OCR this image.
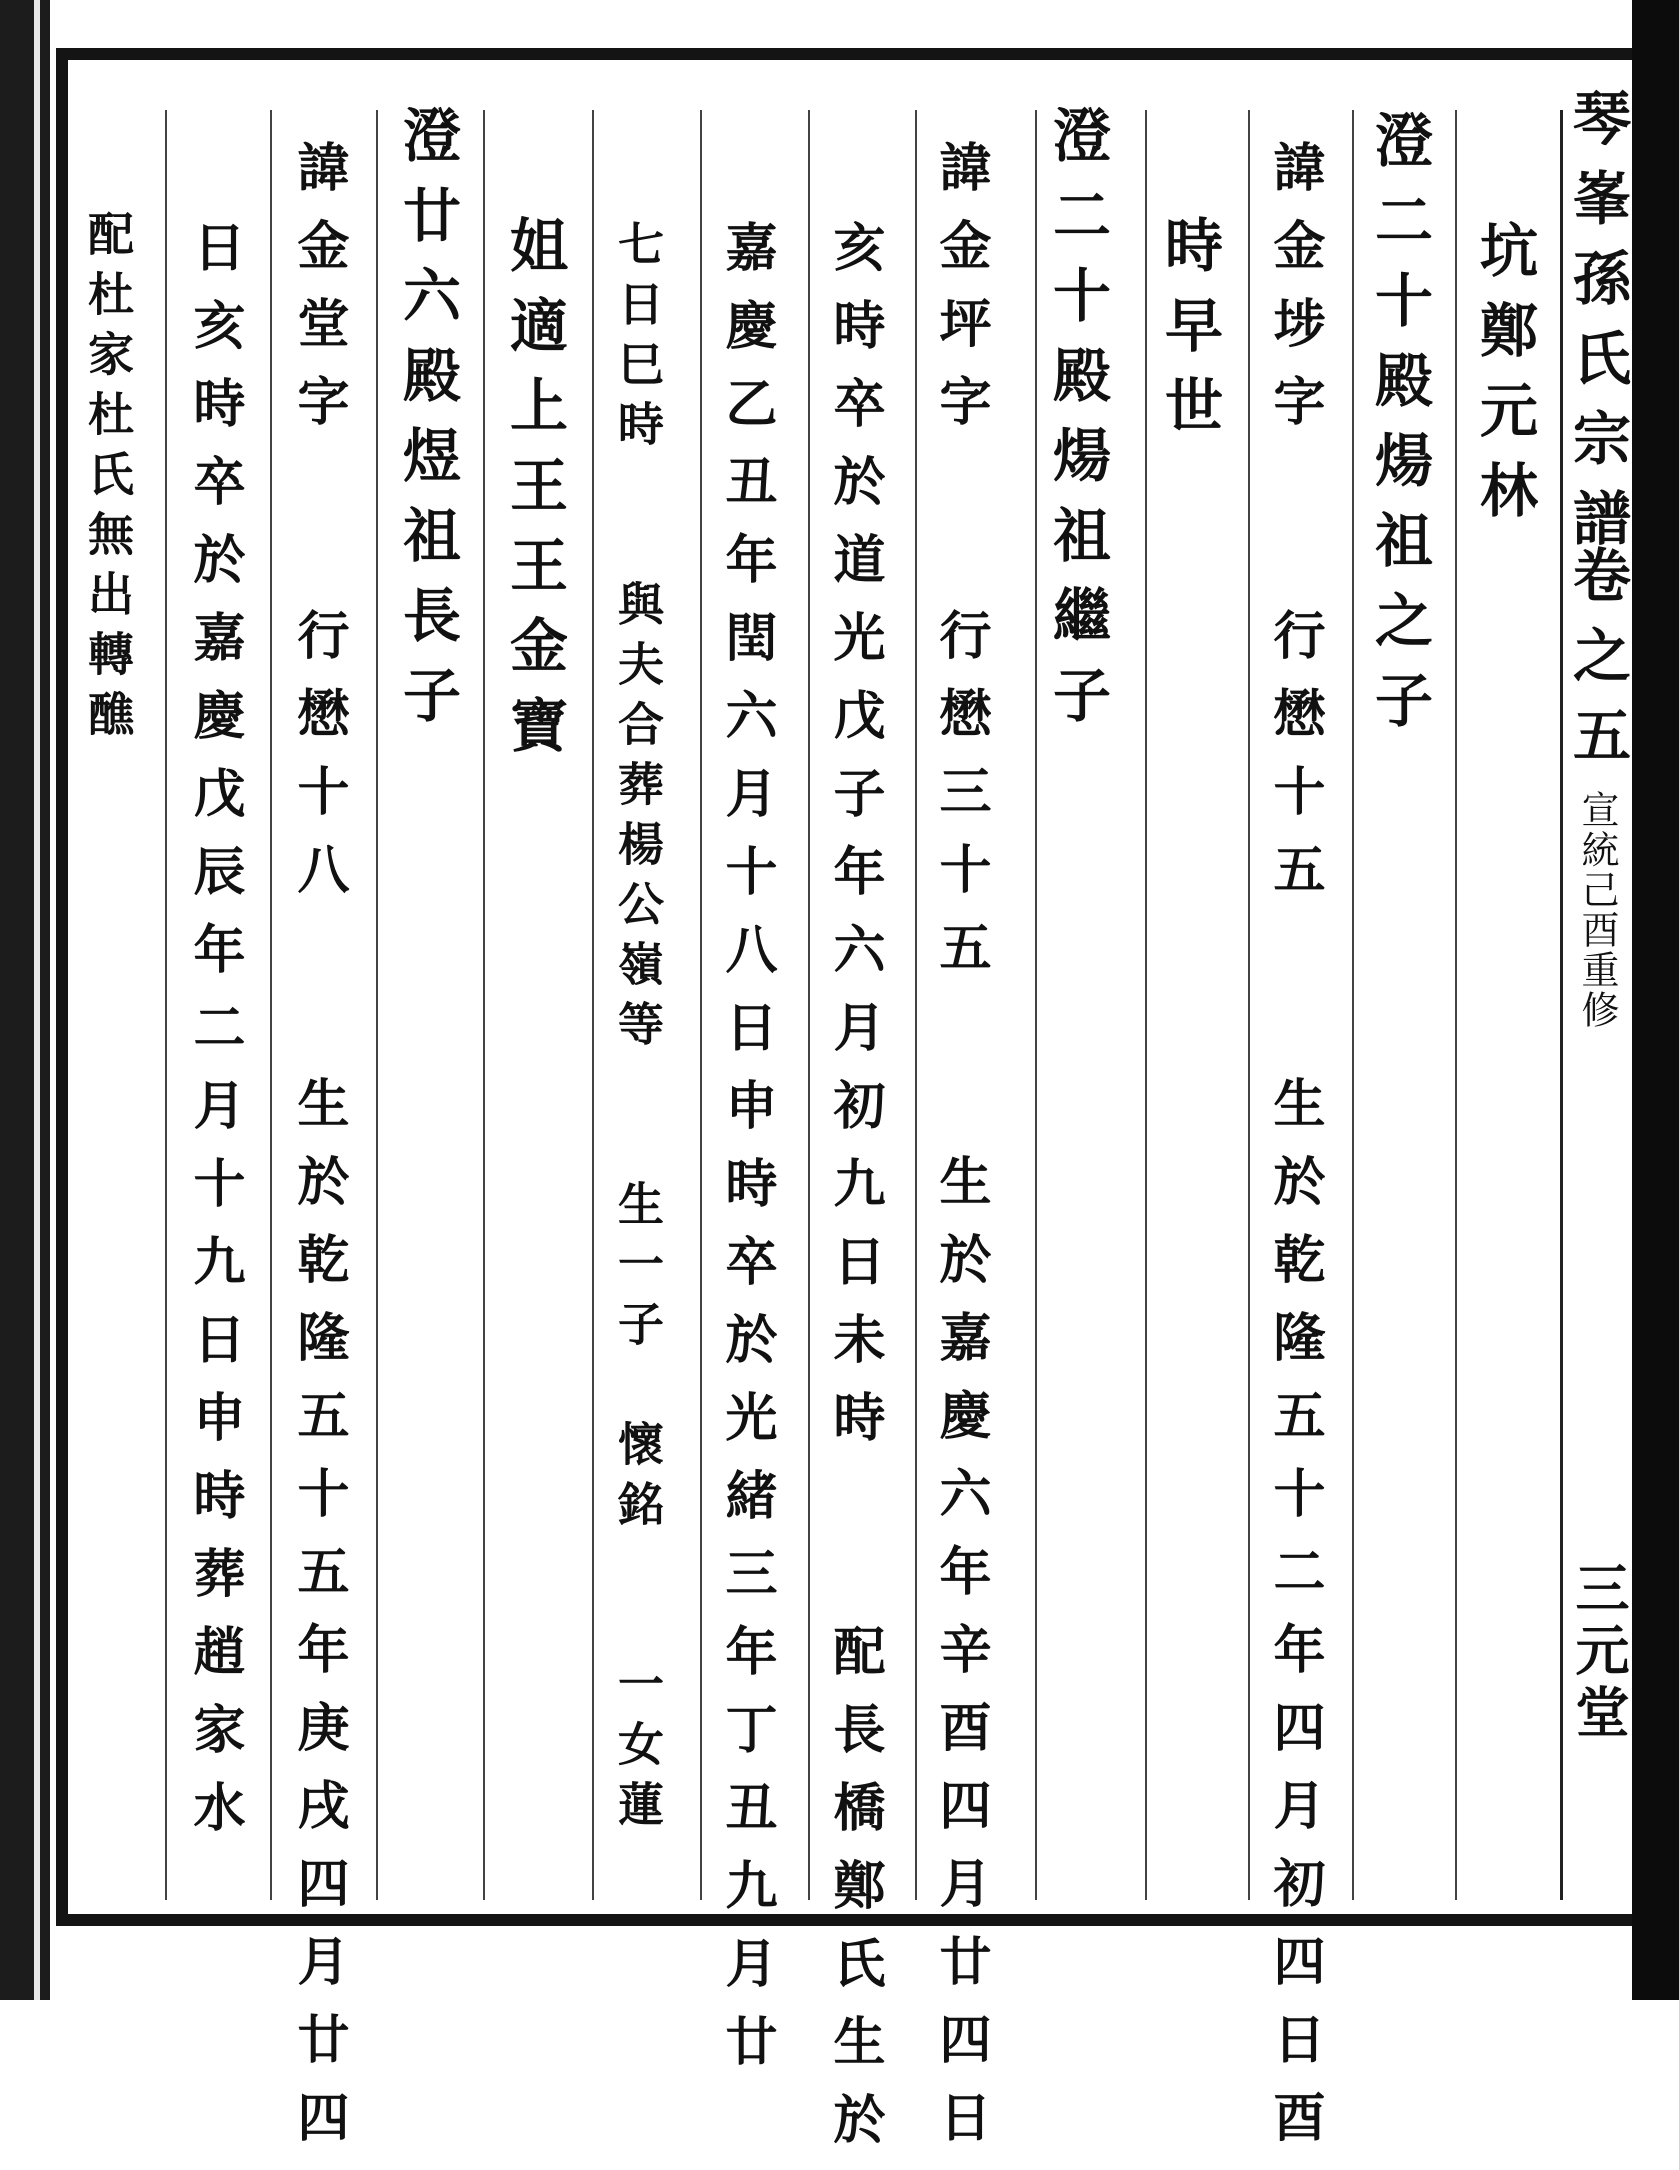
琴峯孫氏宗譜
卷之五
宣統己酉重修
三元堂
坑鄭元林
澄二十殿煬祖之子
諱金埗字　　行懋十五　　生於乾隆五十二年四月初四日酉
時早世
澄二十殿煬祖繼子
諱金坪字　　行懋三十五　　生於嘉慶六年辛酉四月廿四日
亥時卒於道光戊子年六月初九日未時　　配長橋鄭氏生於
嘉慶乙丑年閏六月十八日申時卒於光緒三年丁丑九月廿
七日巳時　　與夫合葬楊公嶺等　　生一子　懷銘　　一女蓮
姐適上王王金寶
澄廿六殿煜祖長子
諱金堂字　　行懋十八　　生於乾隆五十五年庚戌四月廿四
日亥時卒於嘉慶戊辰年二月十九日申時葬趙家水
配杜家杜氏無出轉醮
